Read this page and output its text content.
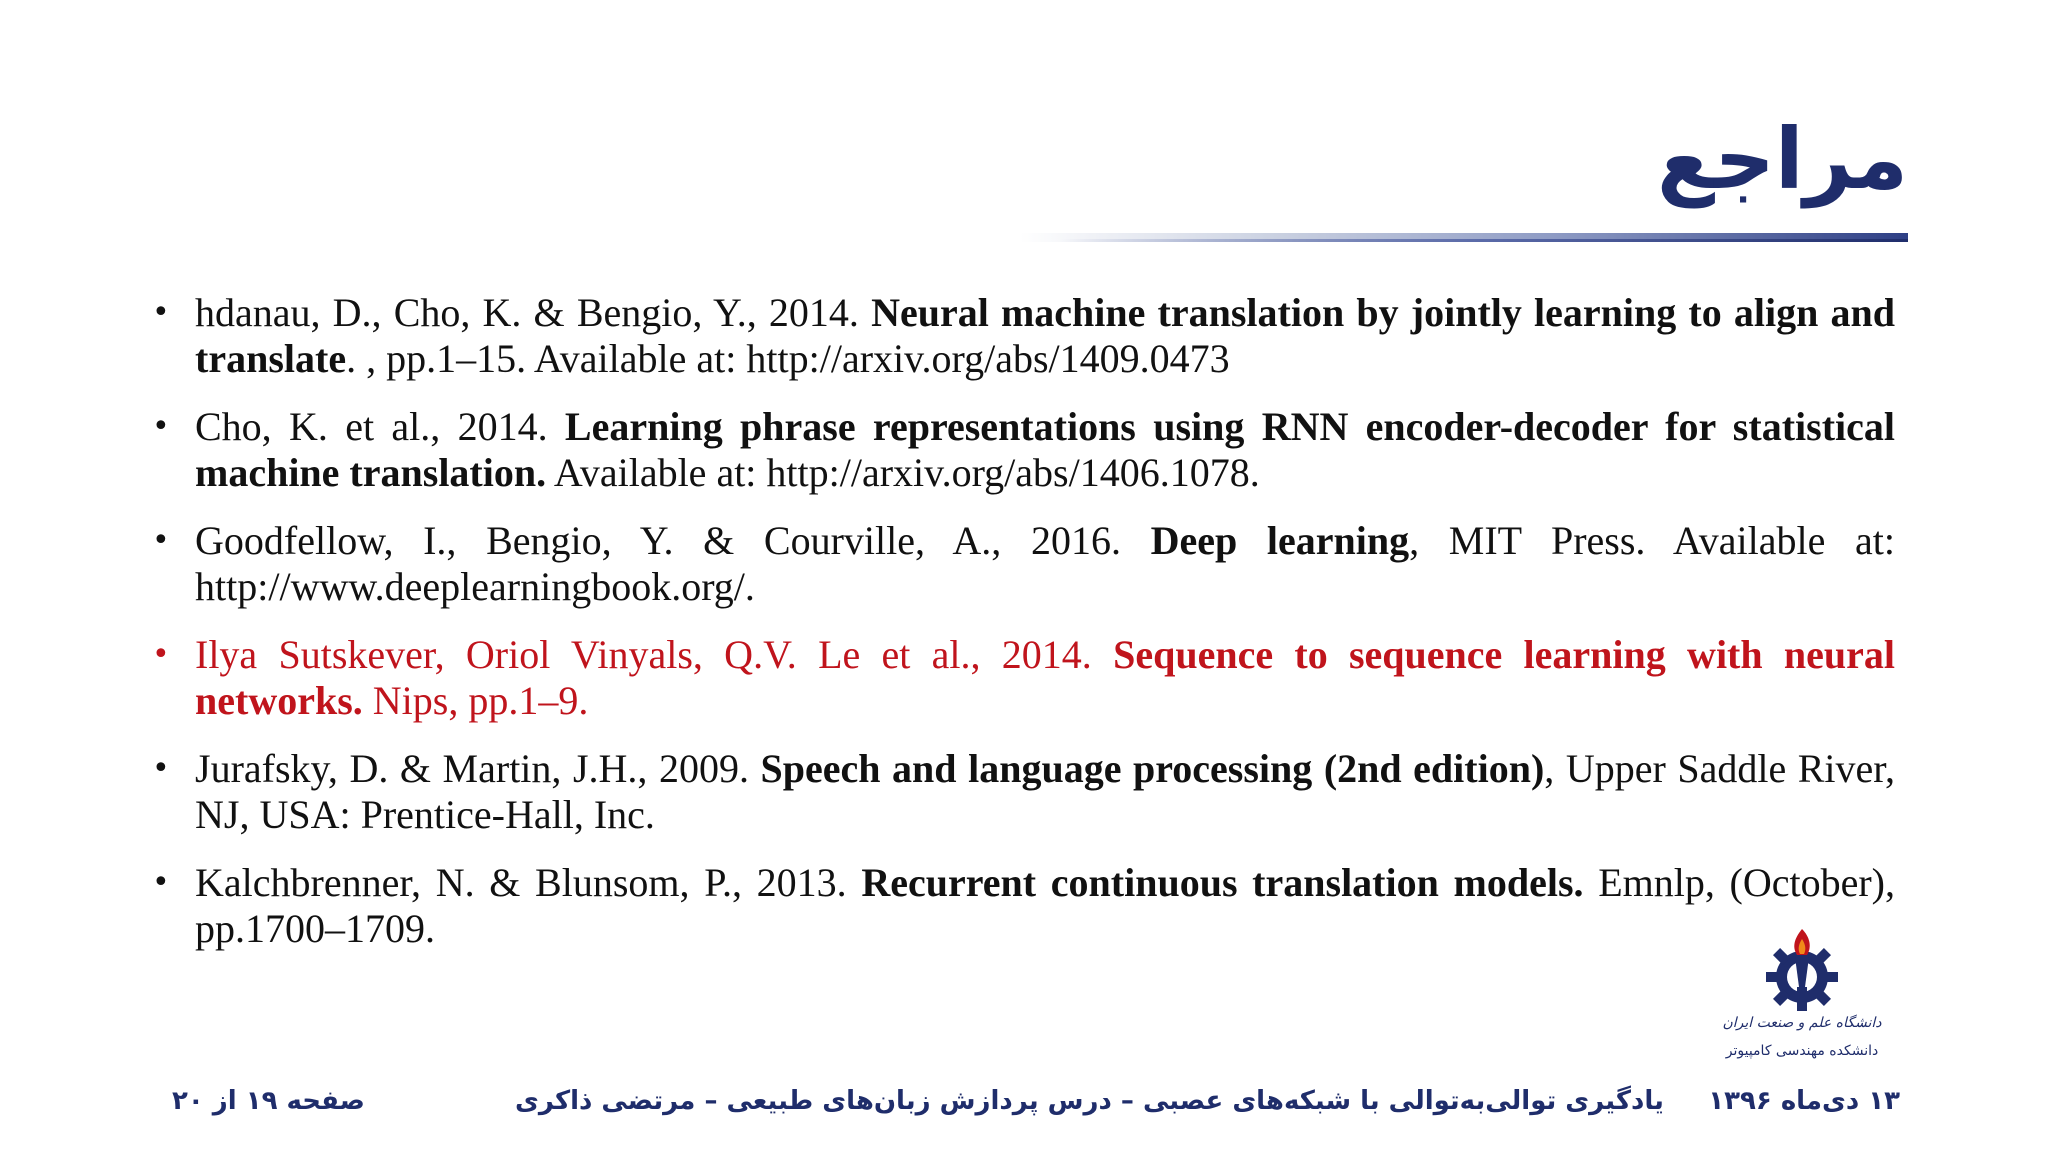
مراجع
• hdanau, D., Cho, K. & Bengio, Y., 2014. Neural machine translation by jointly learning to align and translate. , pp.1–15. Available at: http://arxiv.org/abs/1409.0473
• Cho, K. et al., 2014. Learning phrase representations using RNN encoder-decoder for statistical machine translation. Available at: http://arxiv.org/abs/1406.1078.
• Goodfellow, I., Bengio, Y. & Courville, A., 2016. Deep learning, MIT Press. Available at: http://www.deeplearningbook.org/.
• Ilya Sutskever, Oriol Vinyals, Q.V. Le et al., 2014. Sequence to sequence learning with neural networks. Nips, pp.1–9.
• Jurafsky, D. & Martin, J.H., 2009. Speech and language processing (2nd edition), Upper Saddle River, NJ, USA: Prentice-Hall, Inc.
• Kalchbrenner, N. & Blunsom, P., 2013. Recurrent continuous translation models. Emnlp, (October), pp.1700–1709.
دانشگاه علم و صنعت ایران
دانشکده مهندسی کامپیوتر
۱۳ دی‌ماه ۱۳۹۶
یادگیری توالی‌به‌توالی با شبکه‌های عصبی – درس پردازش زبان‌های طبیعی – مرتضی ذاکری
صفحه ۱۹ از ۲۰
